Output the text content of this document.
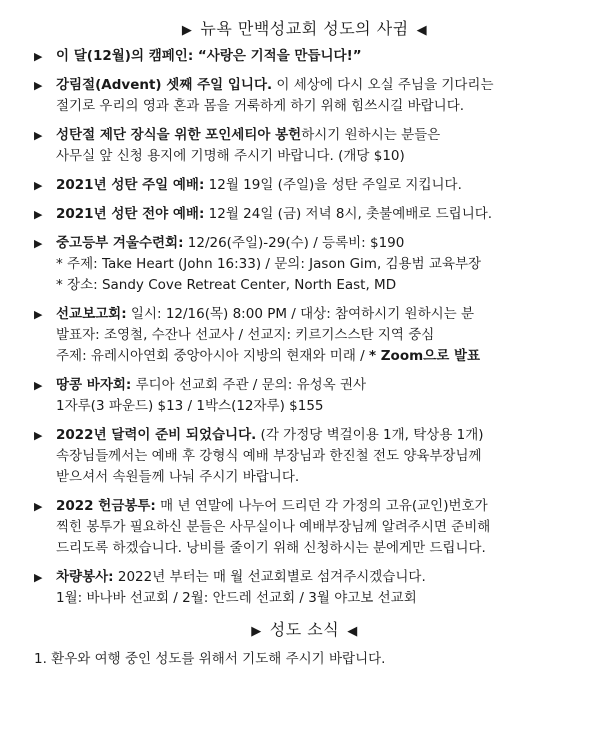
▶ 뉴욕 만백성교회 성도의 사귐 ◀
▶ 이 달(12월)의 캠페인: “사랑은 기적을 만듭니다!”
▶ 강림절(Advent) 셋째 주일 입니다. 이 세상에 다시 오실 주님을 기다리는
절기로 우리의 영과 혼과 몸을 거룩하게 하기 위해 힘쓰시길 바랍니다.
▶ 성탄절 제단 장식을 위한 포인세티아 봉헌하시기 원하시는 분들은
사무실 앞 신청 용지에 기명해 주시기 바랍니다. (개당 $10)
▶ 2021년 성탄 주일 예배: 12월 19일 (주일)을 성탄 주일로 지킵니다.
▶ 2021년 성탄 전야 예배: 12월 24일 (금) 저녁 8시, 촛불예배로 드립니다.
▶ 중고등부 겨울수련회: 12/26(주일)-29(수) / 등록비: $190
* 주제: Take Heart (John 16:33) / 문의: Jason Gim, 김용범 교육부장
* 장소: Sandy Cove Retreat Center, North East, MD
▶ 선교보고회: 일시: 12/16(목) 8:00 PM / 대상: 참여하시기 원하시는 분
발표자: 조영철, 수잔나 선교사 / 선교지: 키르기스스탄 지역 중심
주제: 유레시아연회 중앙아시아 지방의 현재와 미래 / * Zoom으로 발표
▶ 땅콩 바자회: 루디아 선교회 주관 / 문의: 유성옥 권사
1자루(3 파운드) $13 / 1박스(12자루) $155
▶ 2022년 달력이 준비 되었습니다. (각 가정당 벽걸이용 1개, 탁상용 1개)
속장님들께서는 예배 후 강형식 예배 부장님과 한진철 전도 양육부장님께
받으셔서 속원들께 나눠 주시기 바랍니다.
▶ 2022 헌금봉투: 매 년 연말에 나누어 드리던 각 가정의 고유(교인)번호가
찍힌 봉투가 필요하신 분들은 사무실이나 예배부장님께 알려주시면 준비해
드리도록 하겠습니다. 낭비를 줄이기 위해 신청하시는 분에게만 드립니다.
▶ 차량봉사: 2022년 부터는 매 월 선교회별로 섬겨주시겠습니다.
1월: 바나바 선교회 / 2월: 안드레 선교회 / 3월 야고보 선교회
▶ 성도 소식 ◀
1. 환우와 여행 중인 성도를 위해서 기도해 주시기 바랍니다.
